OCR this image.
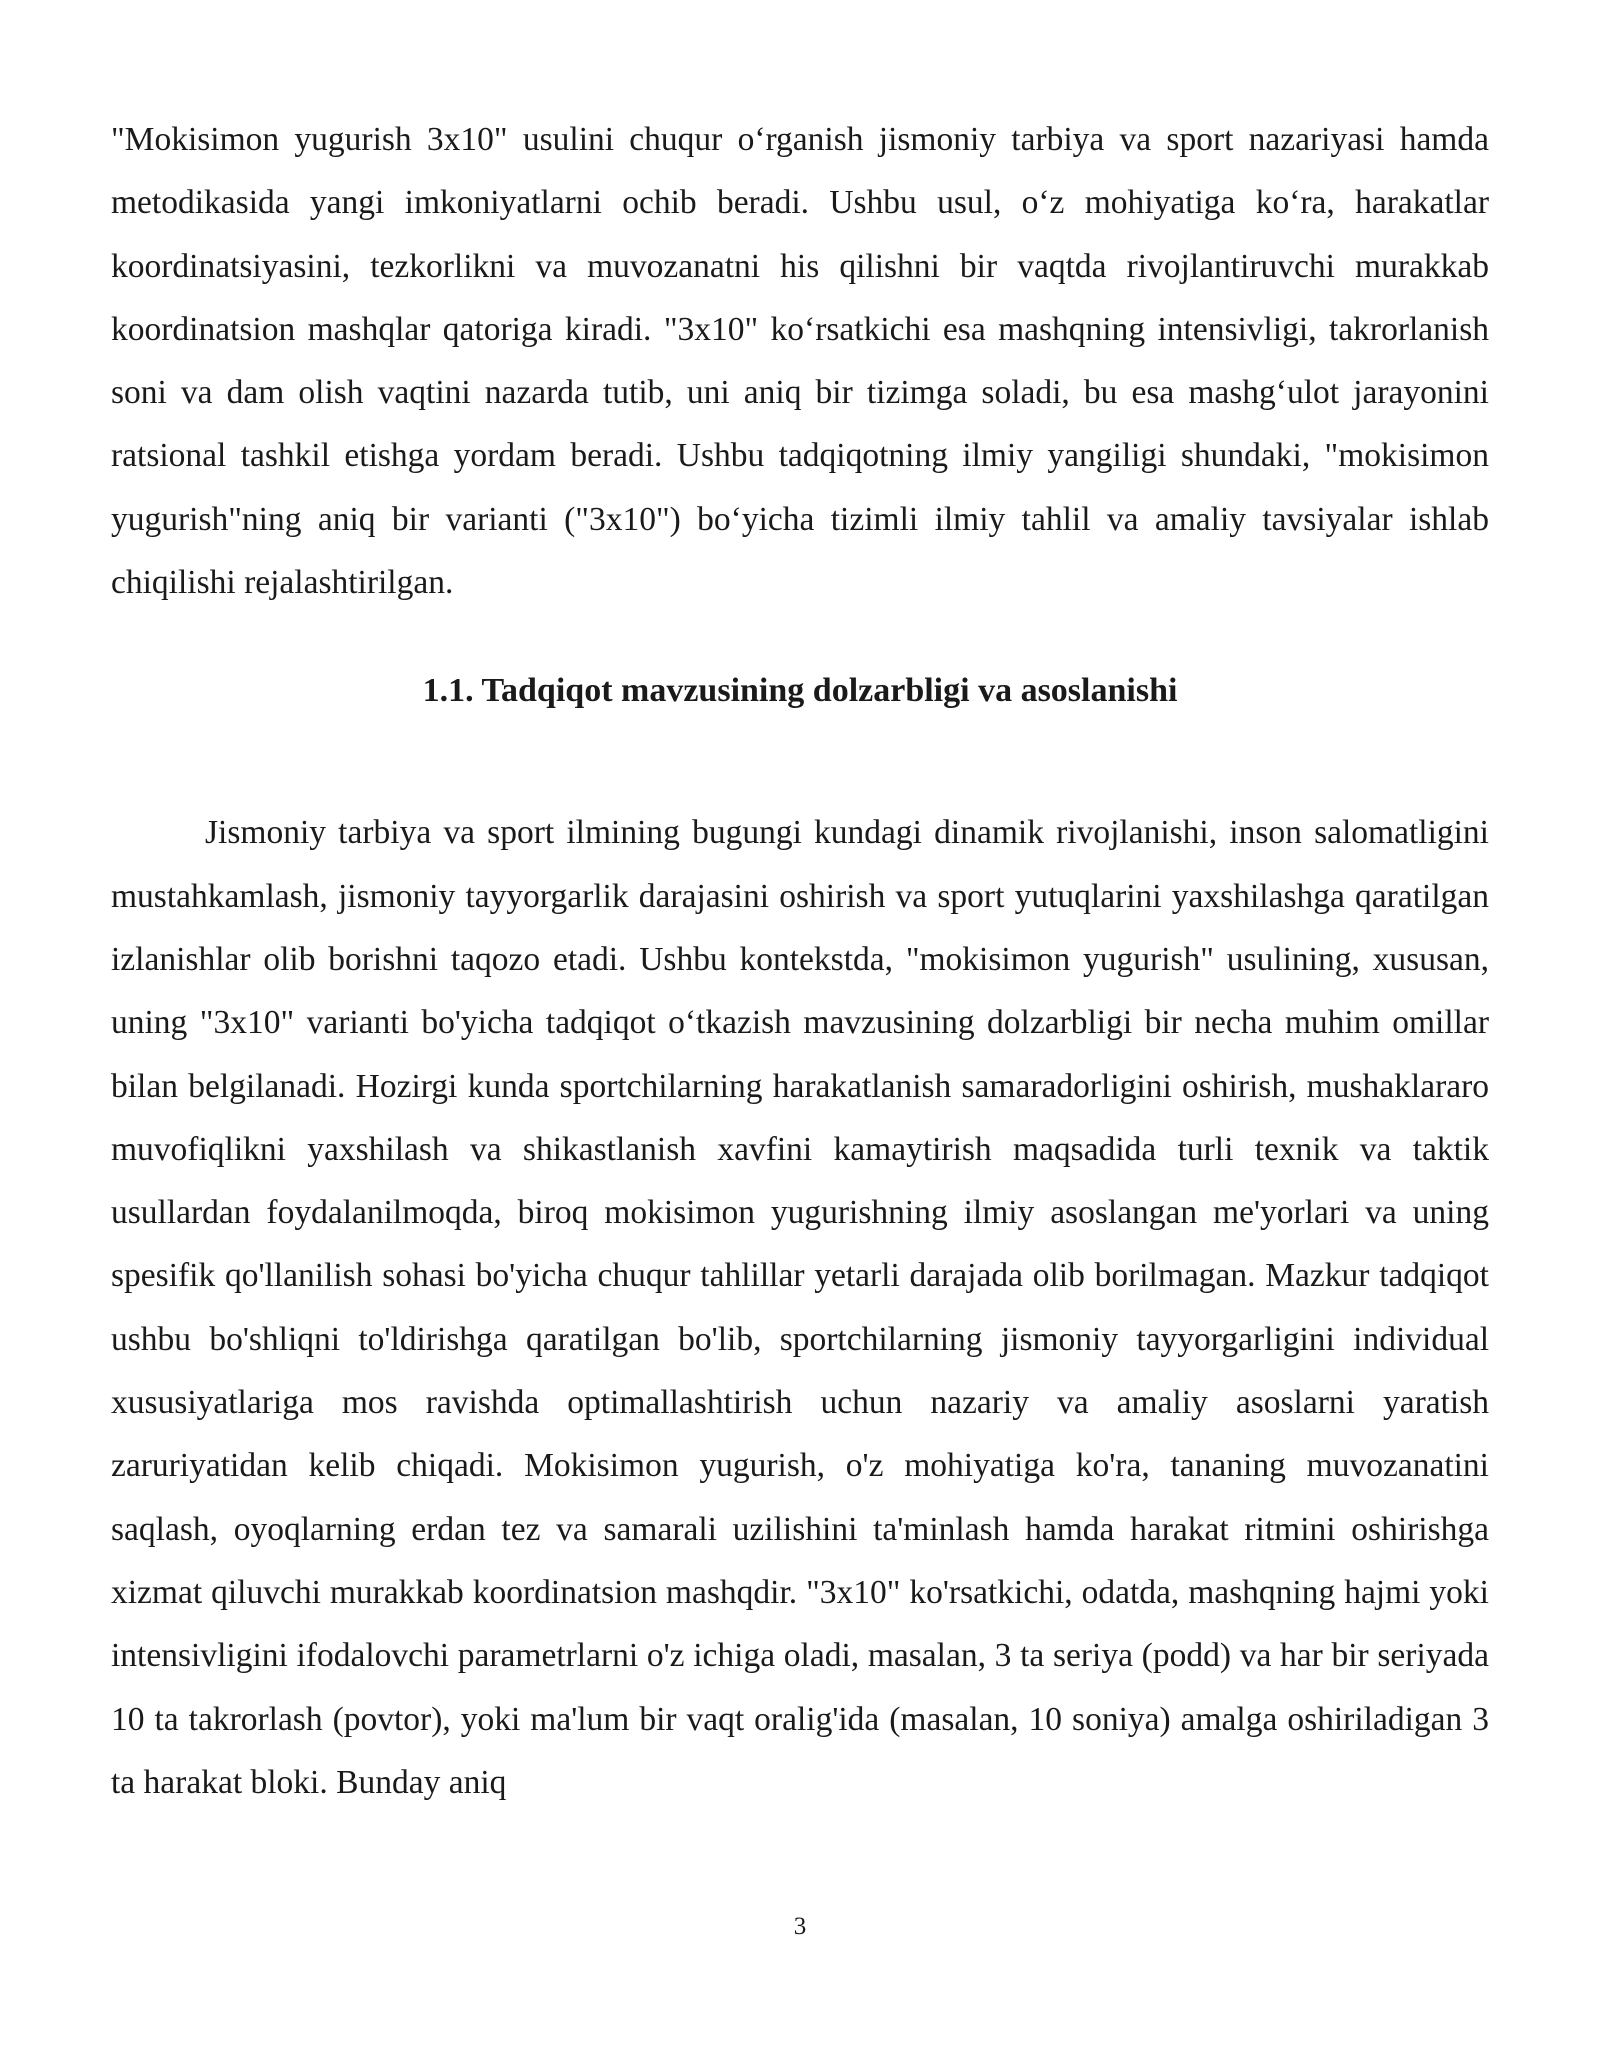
"Mokisimon yugurish 3x10" usulini chuqur o‘rganish jismoniy tarbiya va sport nazariyasi hamda metodikasida yangi imkoniyatlarni ochib beradi. Ushbu usul, o‘z mohiyatiga ko‘ra, harakatlar koordinatsiyasini, tezkorlikni va muvozanatni his qilishni bir vaqtda rivojlantiruvchi murakkab koordinatsion mashqlar qatoriga kiradi. "3x10" ko‘rsatkichi esa mashqning intensivligi, takrorlanish soni va dam olish vaqtini nazarda tutib, uni aniq bir tizimga soladi, bu esa mashg‘ulot jarayonini ratsional tashkil etishga yordam beradi. Ushbu tadqiqotning ilmiy yangiligi shundaki, "mokisimon yugurish"ning aniq bir varianti ("3x10") bo‘yicha tizimli ilmiy tahlil va amaliy tavsiyalar ishlab chiqilishi rejalashtirilgan.

1.1. Tadqiqot mavzusining dolzarbligi va asoslanishi

Jismoniy tarbiya va sport ilmining bugungi kundagi dinamik rivojlanishi, inson salomatligini mustahkamlash, jismoniy tayyorgarlik darajasini oshirish va sport yutuqlarini yaxshilashga qaratilgan izlanishlar olib borishni taqozo etadi. Ushbu kontekstda, "mokisimon yugurish" usulining, xususan, uning "3x10" varianti bo'yicha tadqiqot o‘tkazish mavzusining dolzarbligi bir necha muhim omillar bilan belgilanadi. Hozirgi kunda sportchilarning harakatlanish samaradorligini oshirish, mushaklararo muvofiqlikni yaxshilash va shikastlanish xavfini kamaytirish maqsadida turli texnik va taktik usullardan foydalanilmoqda, biroq mokisimon yugurishning ilmiy asoslangan me'yorlari va uning spesifik qo'llanilish sohasi bo'yicha chuqur tahlillar yetarli darajada olib borilmagan. Mazkur tadqiqot ushbu bo'shliqni to'ldirishga qaratilgan bo'lib, sportchilarning jismoniy tayyorgarligini individual xususiyatlariga mos ravishda optimallashtirish uchun nazariy va amaliy asoslarni yaratish zaruriyatidan kelib chiqadi. Mokisimon yugurish, o'z mohiyatiga ko'ra, tananing muvozanatini saqlash, oyoqlarning erdan tez va samarali uzilishini ta'minlash hamda harakat ritmini oshirishga xizmat qiluvchi murakkab koordinatsion mashqdir. "3x10" ko'rsatkichi, odatda, mashqning hajmi yoki intensivligini ifodalovchi parametrlarni o'z ichiga oladi, masalan, 3 ta seriya (podd) va har bir seriyada 10 ta takrorlash (povtor), yoki ma'lum bir vaqt oralig'ida (masalan, 10 soniya) amalga oshiriladigan 3 ta harakat bloki. Bunday aniq

3
